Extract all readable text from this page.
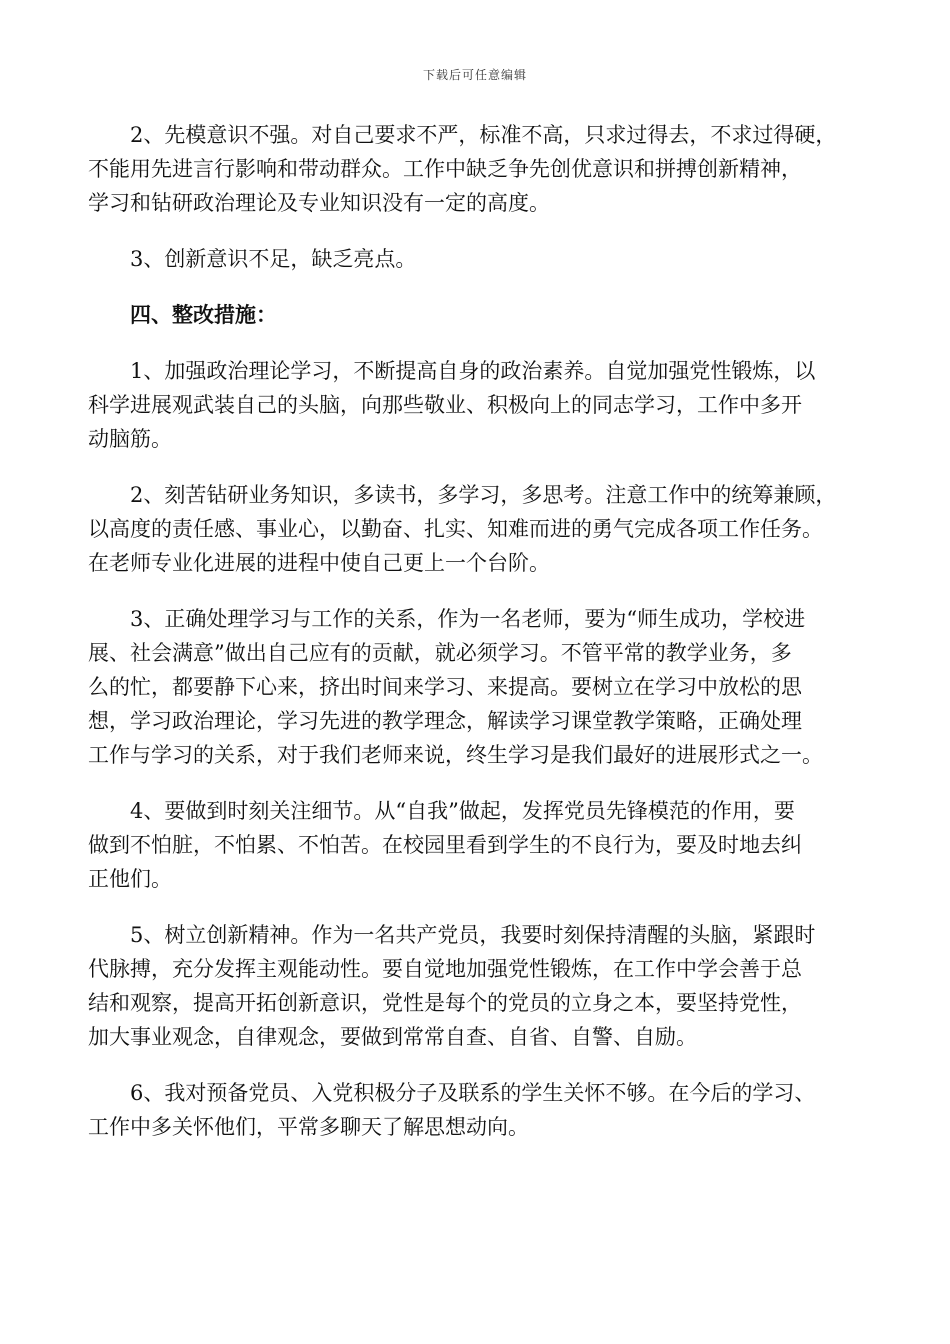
下载后可任意编辑
2、先模意识不强。对自己要求不严，标准不高，只求过得去，不求过得硬，
不能用先进言行影响和带动群众。工作中缺乏争先创优意识和拼搏创新精神，
学习和钻研政治理论及专业知识没有一定的高度。
3、创新意识不足，缺乏亮点。
四、整改措施：
1、加强政治理论学习，不断提高自身的政治素养。自觉加强党性锻炼，以
科学进展观武装自己的头脑，向那些敬业、积极向上的同志学习，工作中多开
动脑筋。
2、刻苦钻研业务知识，多读书，多学习，多思考。注意工作中的统筹兼顾，
以高度的责任感、事业心，以勤奋、扎实、知难而进的勇气完成各项工作任务。
在老师专业化进展的进程中使自己更上一个台阶。
3、正确处理学习与工作的关系，作为一名老师，要为“师生成功，学校进
展、社会满意”做出自己应有的贡献，就必须学习。不管平常的教学业务，多
么的忙，都要静下心来，挤出时间来学习、来提高。要树立在学习中放松的思
想，学习政治理论，学习先进的教学理念，解读学习课堂教学策略，正确处理
工作与学习的关系，对于我们老师来说，终生学习是我们最好的进展形式之一。
4、要做到时刻关注细节。从“自我”做起，发挥党员先锋模范的作用，要
做到不怕脏，不怕累、不怕苦。在校园里看到学生的不良行为，要及时地去纠
正他们。
5、树立创新精神。作为一名共产党员，我要时刻保持清醒的头脑，紧跟时
代脉搏，充分发挥主观能动性。要自觉地加强党性锻炼，在工作中学会善于总
结和观察，提高开拓创新意识，党性是每个的党员的立身之本，要坚持党性，
加大事业观念，自律观念，要做到常常自查、自省、自警、自励。
6、我对预备党员、入党积极分子及联系的学生关怀不够。在今后的学习、
工作中多关怀他们，平常多聊天了解思想动向。
